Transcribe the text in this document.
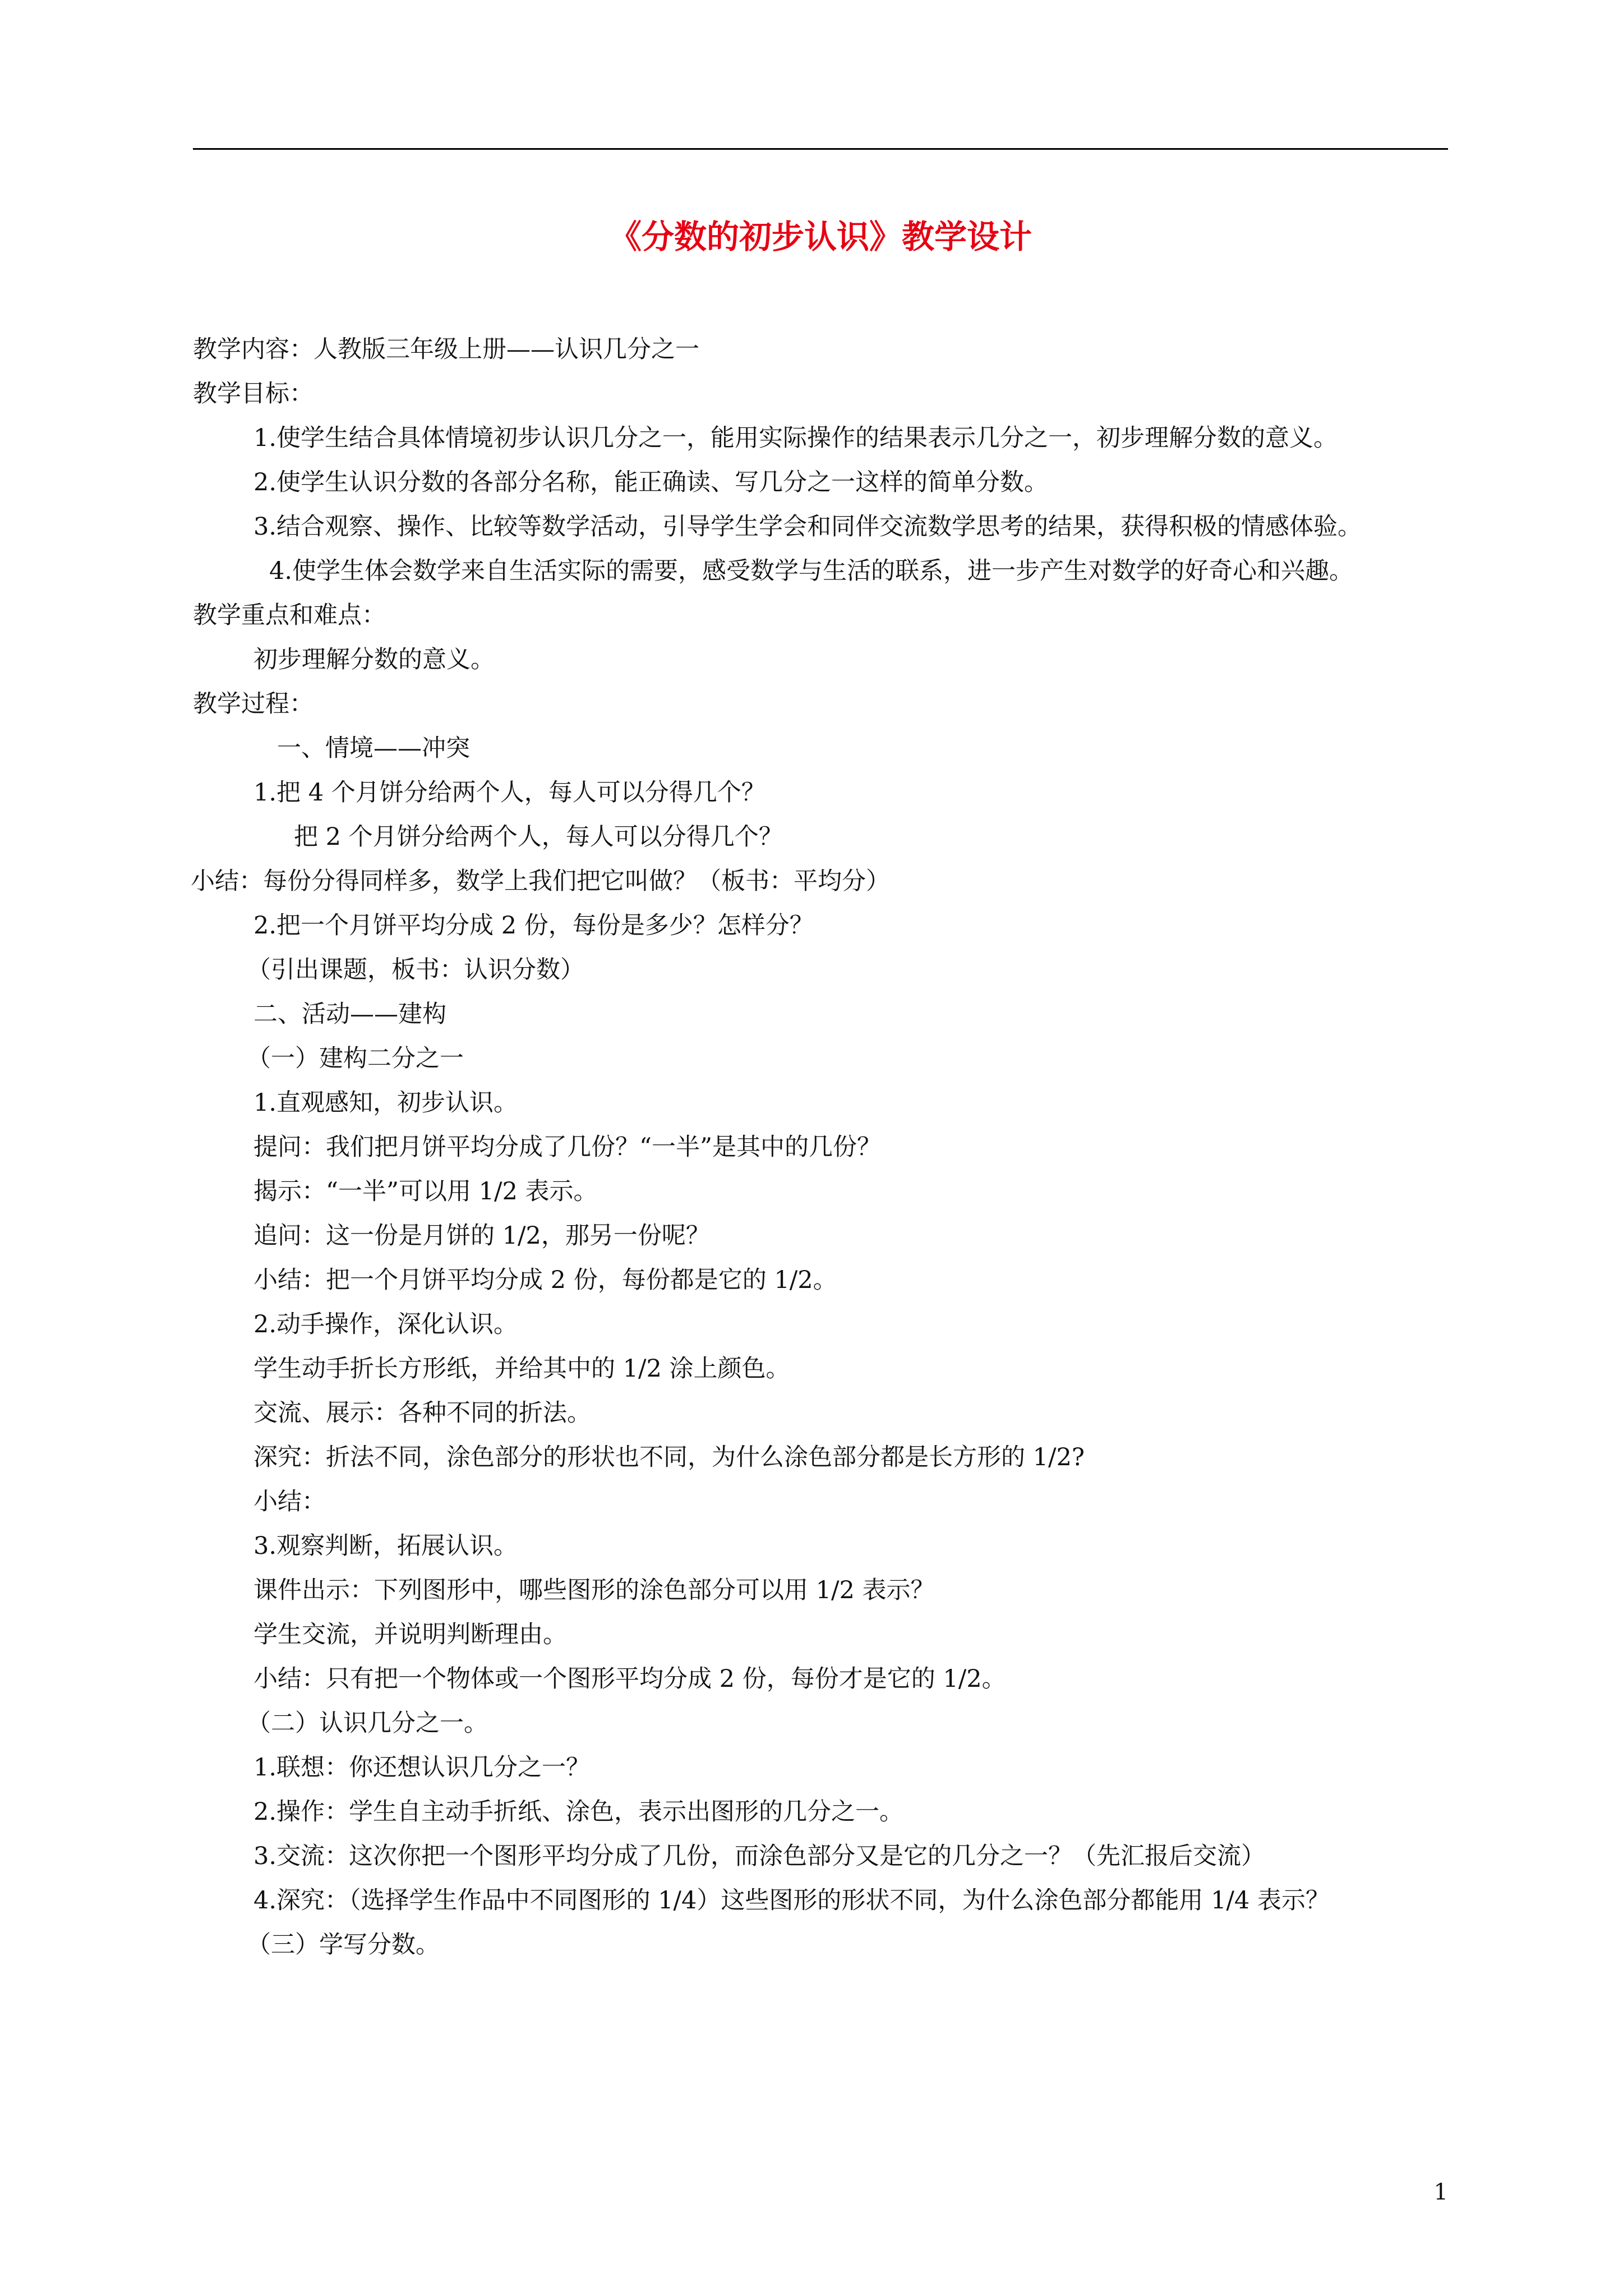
《分数的初步认识》教学设计
教学内容：人教版三年级上册——认识几分之一
教学目标：
1.使学生结合具体情境初步认识几分之一，能用实际操作的结果表示几分之一，初步理解分数的意义。
2.使学生认识分数的各部分名称，能正确读、写几分之一这样的简单分数。
3.结合观察、操作、比较等数学活动，引导学生学会和同伴交流数学思考的结果，获得积极的情感体验。
4.使学生体会数学来自生活实际的需要，感受数学与生活的联系，进一步产生对数学的好奇心和兴趣。
教学重点和难点：
初步理解分数的意义。
教学过程：
一、情境——冲突
1.把 4 个月饼分给两个人，每人可以分得几个？
把 2 个月饼分给两个人，每人可以分得几个？
小结：每份分得同样多，数学上我们把它叫做？（板书：平均分）
2.把一个月饼平均分成 2 份，每份是多少？怎样分？
（引出课题，板书：认识分数）
二、活动——建构
（一）建构二分之一
1.直观感知，初步认识。
提问：我们把月饼平均分成了几份？“一半”是其中的几份？
揭示：“一半”可以用 1/2 表示。
追问：这一份是月饼的 1/2，那另一份呢？
小结：把一个月饼平均分成 2 份，每份都是它的 1/2。
2.动手操作，深化认识。
学生动手折长方形纸，并给其中的 1/2 涂上颜色。
交流、展示：各种不同的折法。
深究：折法不同，涂色部分的形状也不同，为什么涂色部分都是长方形的 1/2?
小结：
3.观察判断，拓展认识。
课件出示：下列图形中，哪些图形的涂色部分可以用 1/2 表示？
学生交流，并说明判断理由。
小结：只有把一个物体或一个图形平均分成 2 份，每份才是它的 1/2。
（二）认识几分之一。
1.联想：你还想认识几分之一？
2.操作：学生自主动手折纸、涂色，表示出图形的几分之一。
3.交流：这次你把一个图形平均分成了几份，而涂色部分又是它的几分之一？（先汇报后交流）
4.深究：（选择学生作品中不同图形的 1/4）这些图形的形状不同，为什么涂色部分都能用 1/4 表示？
（三）学写分数。
1
